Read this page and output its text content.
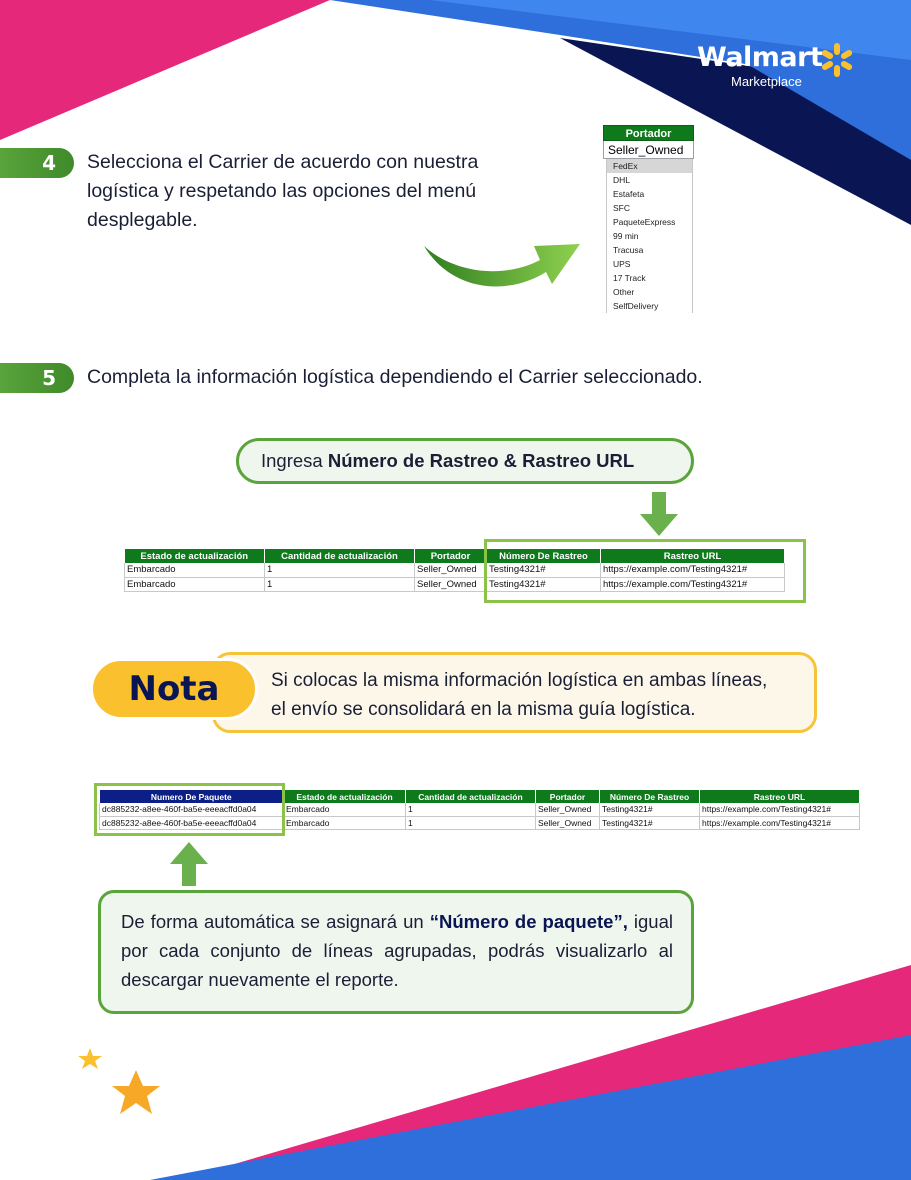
Walmart
Marketplace
4	Selecciona el Carrier de acuerdo con nuestra
logística y respetando las opciones del menú
desplegable.
Portador
Seller_Owned
FedEx
DHL
Estafeta
SFC
PaqueteExpress
99 min
Tracusa
UPS
17 Track
Other
SelfDelivery
5	Completa la información logística dependiendo el Carrier seleccionado.
Ingresa Número de Rastreo & Rastreo URL
Estado de actualización	Cantidad de actualización	Portador	Número De Rastreo	Rastreo URL
Embarcado	1	Seller_Owned	Testing4321#	https://example.com/Testing4321#
Embarcado	1	Seller_Owned	Testing4321#	https://example.com/Testing4321#
Si colocas la misma información logística en ambas líneas,
el envío se consolidará en la misma guía logística.
Nota
Numero De Paquete	Estado de actualización	Cantidad de actualización	Portador	Número De Rastreo	Rastreo URL
dc885232-a8ee-460f-ba5e-eeeacffd0a04	Embarcado	1	Seller_Owned	Testing4321#	https://example.com/Testing4321#
dc885232-a8ee-460f-ba5e-eeeacffd0a04	Embarcado	1	Seller_Owned	Testing4321#	https://example.com/Testing4321#
De forma automática se asignará un “Número de paquete”, igual por cada conjunto de líneas agrupadas, podrás visualizarlo al descargar nuevamente el reporte.
